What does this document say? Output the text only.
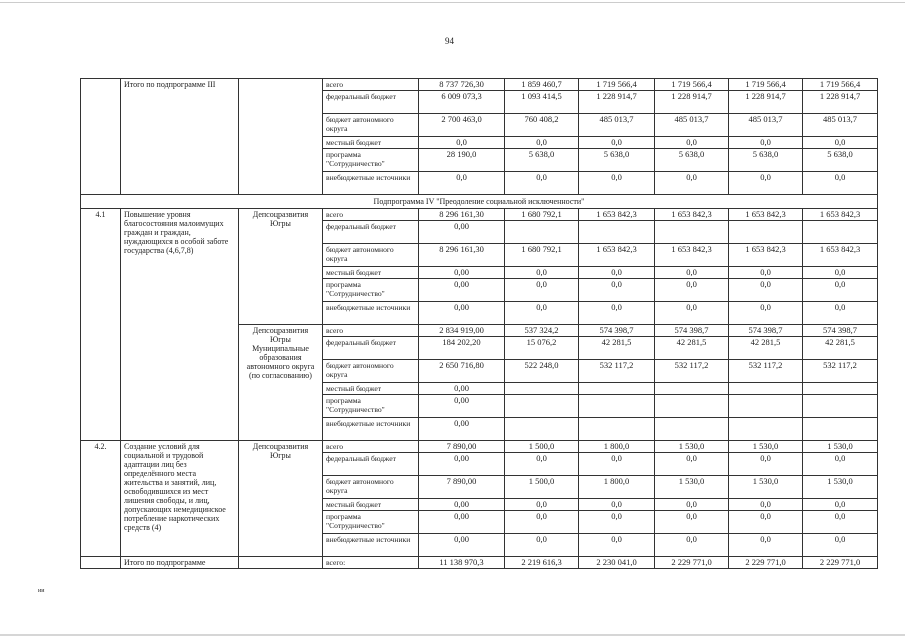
94
ии
	Итого по подпрограмме III		всего	8 737 726,30	1 859 460,7	1 719 566,4	1 719 566,4	1 719 566,4	1 719 566,4
			федеральный бюджет	6 009 073,3	1 093 414,5	1 228 914,7	1 228 914,7	1 228 914,7	1 228 914,7
			бюджет автономного округа	2 700 463,0	760 408,2	485 013,7	485 013,7	485 013,7	485 013,7
			местный бюджет	0,0	0,0	0,0	0,0	0,0	0,0
			программа "Сотрудничество"	28 190,0	5 638,0	5 638,0	5 638,0	5 638,0	5 638,0
			внебюджетные источники	0,0	0,0	0,0	0,0	0,0	0,0
Подпрограмма IV "Преодоление социальной исключенности"									
4.1	Повышение уровня благосостояния малоимущих граждан и граждан, нуждающихся в особой заботе государства (4,6,7,8)	Депсоцразвития Югры	всего	8 296 161,30	1 680 792,1	1 653 842,3	1 653 842,3	1 653 842,3	1 653 842,3
			федеральный бюджет	0,00					
			бюджет автономного округа	8 296 161,30	1 680 792,1	1 653 842,3	1 653 842,3	1 653 842,3	1 653 842,3
			местный бюджет	0,00	0,0	0,0	0,0	0,0	0,0
			программа "Сотрудничество"	0,00	0,0	0,0	0,0	0,0	0,0
			внебюджетные источники	0,00	0,0	0,0	0,0	0,0	0,0
		Депсоцразвития Югры Муниципальные образования автономного округа (по согласованию)	всего	2 834 919,00	537 324,2	574 398,7	574 398,7	574 398,7	574 398,7
			федеральный бюджет	184 202,20	15 076,2	42 281,5	42 281,5	42 281,5	42 281,5
			бюджет автономного округа	2 650 716,80	522 248,0	532 117,2	532 117,2	532 117,2	532 117,2
			местный бюджет	0,00					
			программа "Сотрудничество"	0,00					
			внебюджетные источники	0,00					
4.2.	Создание условий для социальной и трудовой адаптации лиц без определённого места жительства и занятий, лиц, освободившихся из мест лишения свободы, и лиц, допускающих немедицинское потребление наркотических средств (4)	Депсоцразвития Югры	всего	7 890,00	1 500,0	1 800,0	1 530,0	1 530,0	1 530,0
			федеральный бюджет	0,00	0,0	0,0	0,0	0,0	0,0
			бюджет автономного округа	7 890,00	1 500,0	1 800,0	1 530,0	1 530,0	1 530,0
			местный бюджет	0,00	0,0	0,0	0,0	0,0	0,0
			программа "Сотрудничество"	0,00	0,0	0,0	0,0	0,0	0,0
			внебюджетные источники	0,00	0,0	0,0	0,0	0,0	0,0
	Итого по подпрограмме		всего:	11 138 970,3	2 219 616,3	2 230 041,0	2 229 771,0	2 229 771,0	2 229 771,0
